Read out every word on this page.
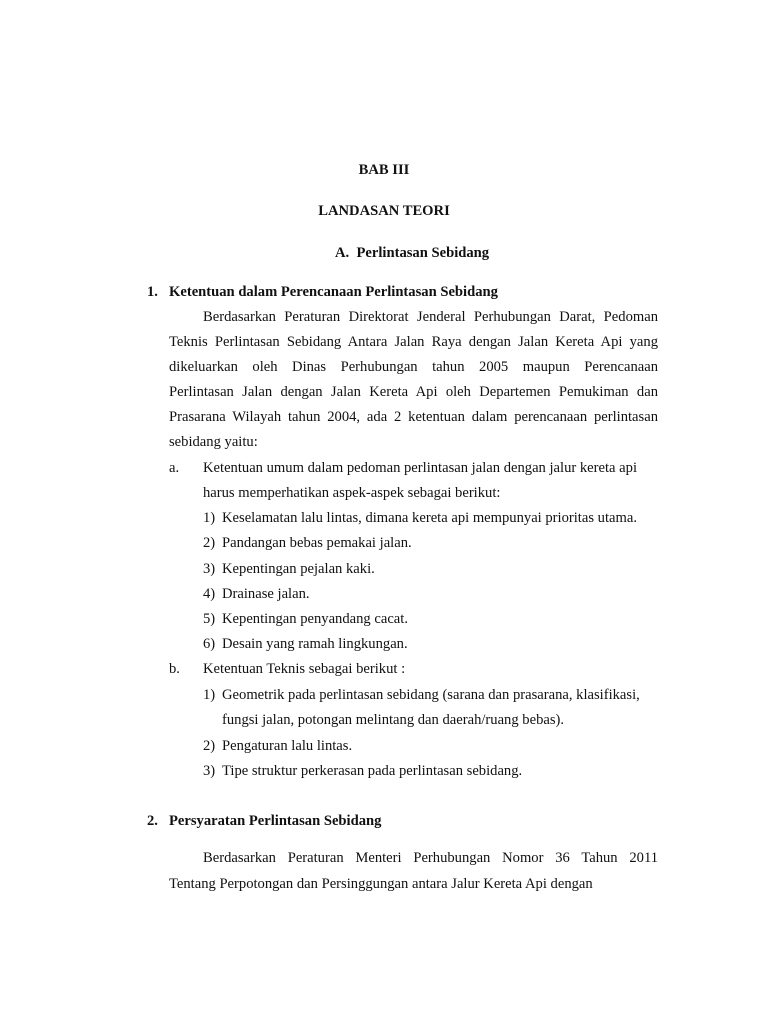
BAB III
LANDASAN TEORI
A. Perlintasan Sebidang
1. Ketentuan dalam Perencanaan Perlintasan Sebidang
Berdasarkan Peraturan Direktorat Jenderal Perhubungan Darat, Pedoman
Teknis Perlintasan Sebidang Antara Jalan Raya dengan Jalan Kereta Api yang
dikeluarkan oleh Dinas Perhubungan tahun 2005 maupun Perencanaan
Perlintasan Jalan dengan Jalan Kereta Api oleh Departemen Pemukiman dan
Prasarana Wilayah tahun 2004, ada 2 ketentuan dalam perencanaan perlintasan
sebidang yaitu:
a. Ketentuan umum dalam pedoman perlintasan jalan dengan jalur kereta api
harus memperhatikan aspek-aspek sebagai berikut:
1) Keselamatan lalu lintas, dimana kereta api mempunyai prioritas utama.
2) Pandangan bebas pemakai jalan.
3) Kepentingan pejalan kaki.
4) Drainase jalan.
5) Kepentingan penyandang cacat.
6) Desain yang ramah lingkungan.
b. Ketentuan Teknis sebagai berikut :
1) Geometrik pada perlintasan sebidang (sarana dan prasarana, klasifikasi,
fungsi jalan, potongan melintang dan daerah/ruang bebas).
2) Pengaturan lalu lintas.
3) Tipe struktur perkerasan pada perlintasan sebidang.
2. Persyaratan Perlintasan Sebidang
Berdasarkan Peraturan Menteri Perhubungan Nomor 36 Tahun 2011
Tentang Perpotongan dan Persinggungan antara Jalur Kereta Api dengan
